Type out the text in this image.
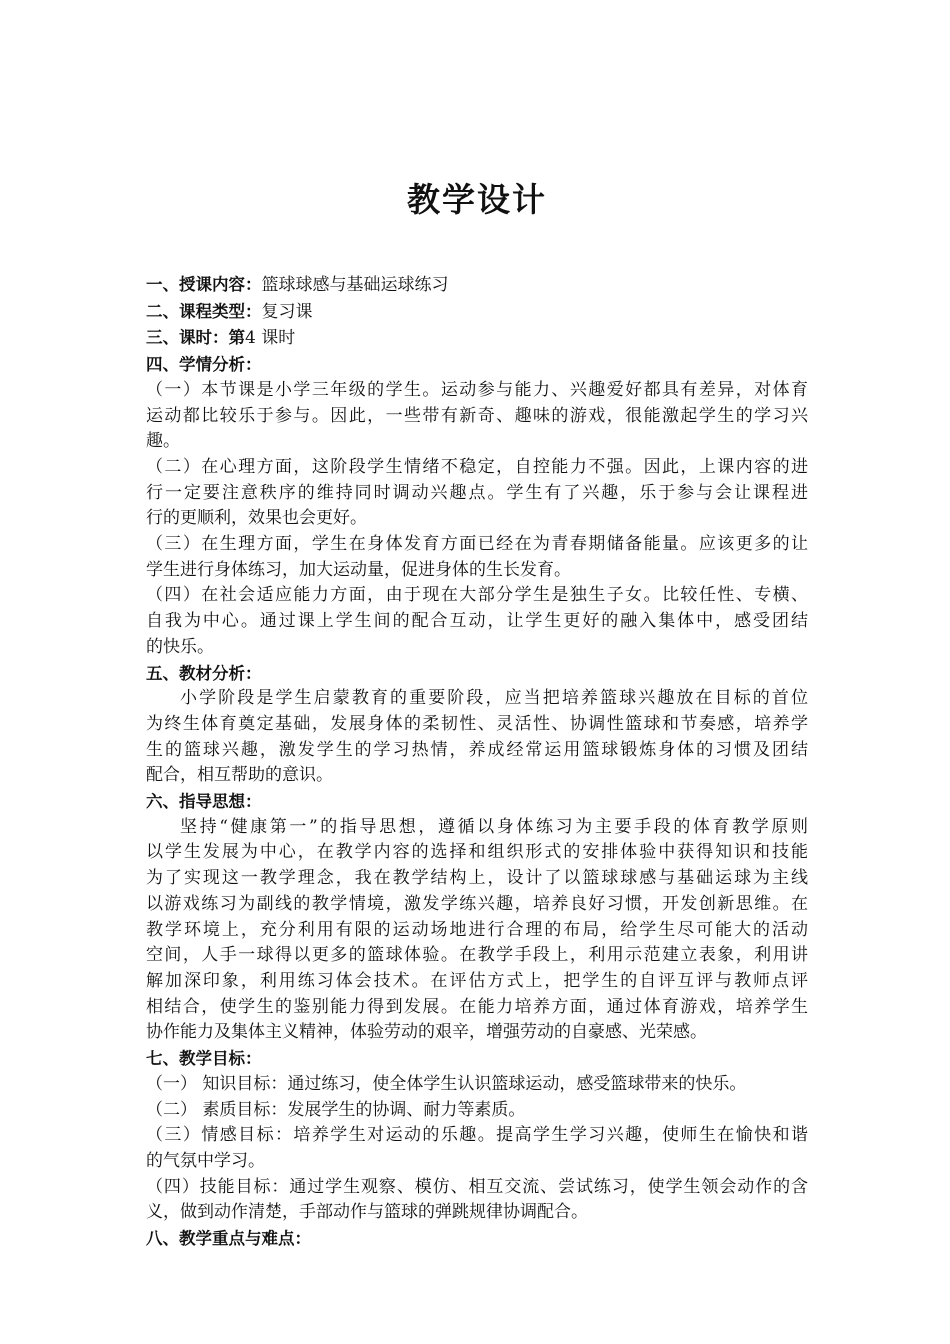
教学设计

一、授课内容：篮球球感与基础运球练习

二、课程类型：复习课

三、课时：第4 课时

四、学情分析：

（一）本节课是小学三年级的学生。运动参与能力、兴趣爱好都具有差异，对体育
运动都比较乐于参与。因此，一些带有新奇、趣味的游戏，很能激起学生的学习兴

趣。

（二）在心理方面，这阶段学生情绪不稳定，自控能力不强。因此，上课内容的进
行一定要注意秩序的维持同时调动兴趣点。学生有了兴趣，乐于参与会让课程进

行的更顺利，效果也会更好。

（三）在生理方面，学生在身体发育方面已经在为青春期储备能量。应该更多的让

学生进行身体练习，加大运动量，促进身体的生长发育。

（四）在社会适应能力方面，由于现在大部分学生是独生子女。比较任性、专横、
自我为中心。通过课上学生间的配合互动，让学生更好的融入集体中，感受团结

的快乐。

五、教材分析：

小学阶段是学生启蒙教育的重要阶段，应当把培养篮球兴趣放在目标的首位
为终生体育奠定基础，发展身体的柔韧性、灵活性、协调性篮球和节奏感，培养学
生的篮球兴趣，激发学生的学习热情，养成经常运用篮球锻炼身体的习惯及团结

配合，相互帮助的意识。

六、指导思想：

坚持“健康第一”的指导思想，遵循以身体练习为主要手段的体育教学原则
以学生发展为中心，在教学内容的选择和组织形式的安排体验中获得知识和技能
为了实现这一教学理念，我在教学结构上，设计了以篮球球感与基础运球为主线
以游戏练习为副线的教学情境，激发学练兴趣，培养良好习惯，开发创新思维。在
教学环境上，充分利用有限的运动场地进行合理的布局，给学生尽可能大的活动
空间，人手一球得以更多的篮球体验。在教学手段上，利用示范建立表象，利用讲
解加深印象，利用练习体会技术。在评估方式上，把学生的自评互评与教师点评
相结合，使学生的鉴别能力得到发展。在能力培养方面，通过体育游戏，培养学生

协作能力及集体主义精神，体验劳动的艰辛，增强劳动的自豪感、光荣感。

七、教学目标：

（一） 知识目标：通过练习，使全体学生认识篮球运动，感受篮球带来的快乐。

（二） 素质目标：发展学生的协调、耐力等素质。

（三）情感目标：培养学生对运动的乐趣。提高学生学习兴趣，使师生在愉快和谐

的气氛中学习。

（四）技能目标：通过学生观察、模仿、相互交流、尝试练习，使学生领会动作的含

义，做到动作清楚，手部动作与篮球的弹跳规律协调配合。

八、教学重点与难点：
